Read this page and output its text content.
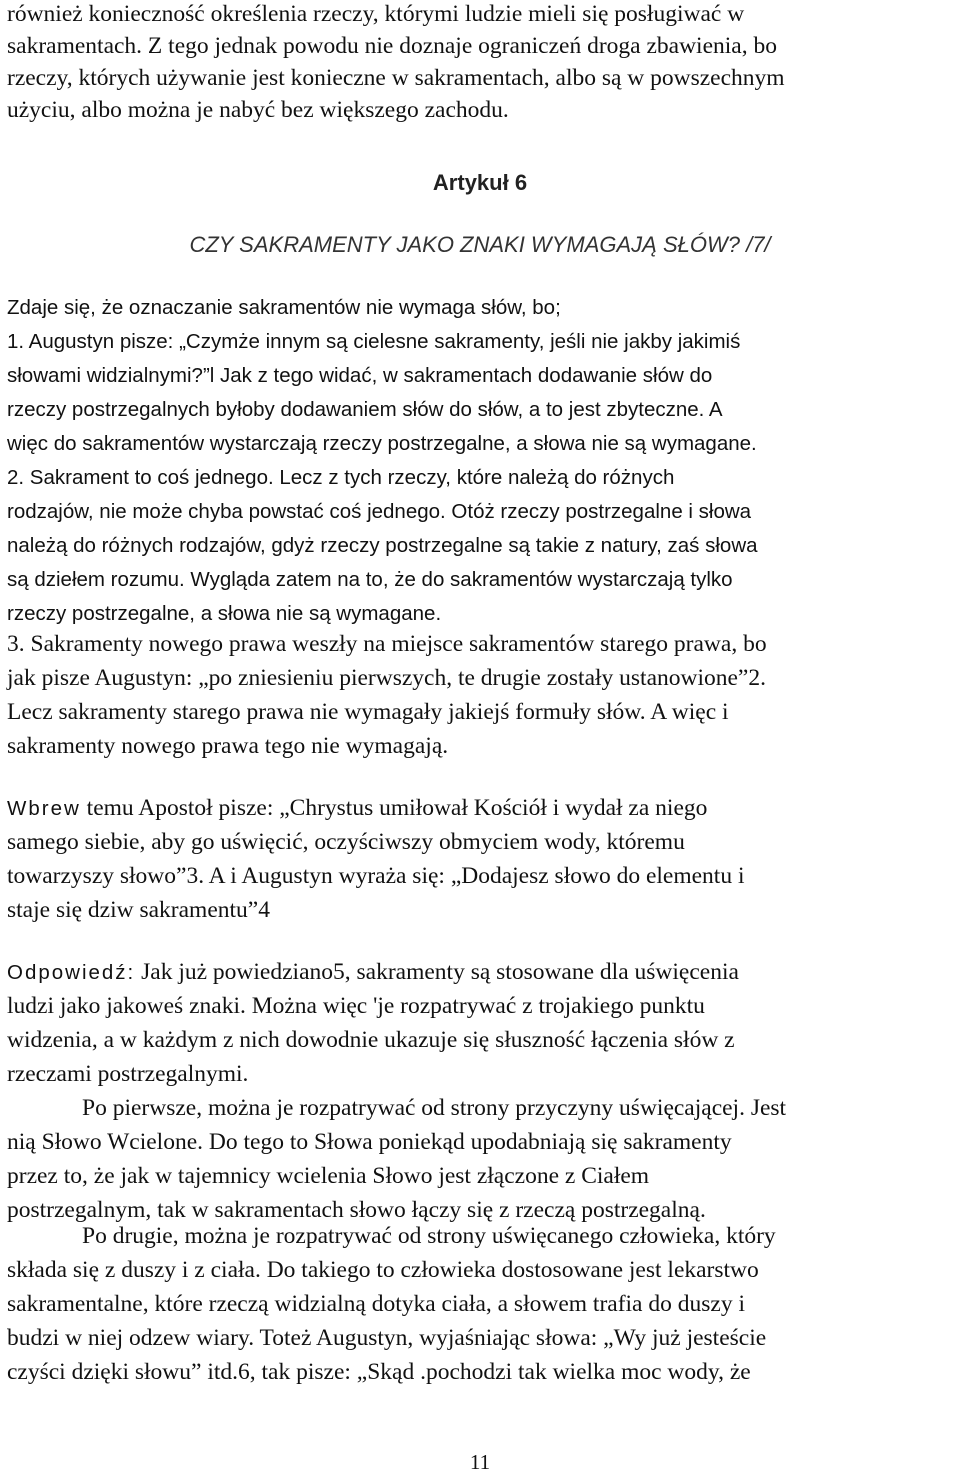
również konieczność określenia rzeczy, którymi ludzie mieli się posługiwać w
sakramentach. Z tego jednak powodu nie doznaje ograniczeń droga zbawienia, bo
rzeczy, których używanie jest konieczne w sakramentach, albo są w powszechnym
użyciu, albo można je nabyć bez większego zachodu.
Artykuł 6
CZY SAKRAMENTY JAKO ZNAKI WYMAGAJĄ SŁÓW? /7/
Zdaje się, że oznaczanie sakramentów nie wymaga słów, bo;
1. Augustyn pisze: „Czymże innym są cielesne sakramenty, jeśli nie jakby jakimiś
słowami widzialnymi?”l Jak z tego widać, w sakramentach dodawanie słów do
rzeczy postrzegalnych byłoby dodawaniem słów do słów, a to jest zbyteczne. A
więc do sakramentów wystarczają rzeczy postrzegalne, a słowa nie są wymagane.
2. Sakrament to coś jednego. Lecz z tych rzeczy, które należą do różnych
rodzajów, nie może chyba powstać coś jednego. Otóż rzeczy postrzegalne i słowa
należą do różnych rodzajów, gdyż rzeczy postrzegalne są takie z natury, zaś słowa
są dziełem rozumu. Wygląda zatem na to, że do sakramentów wystarczają tylko
rzeczy postrzegalne, a słowa nie są wymagane.
3. Sakramenty nowego prawa weszły na miejsce sakramentów starego prawa, bo
jak pisze Augustyn: „po zniesieniu pierwszych, te drugie zostały ustanowione”2.
Lecz sakramenty starego prawa nie wymagały jakiejś formuły słów. A więc i
sakramenty nowego prawa tego nie wymagają.
Wbrew temu Apostoł pisze: „Chrystus umiłował Kościół i wydał za niego
samego siebie, aby go uświęcić, oczyściwszy obmyciem wody, któremu
towarzyszy słowo”3. A i Augustyn wyraża się: „Dodajesz słowo do elementu i
staje się dziw sakramentu”4
Odpowiedź: Jak już powiedziano5, sakramenty są stosowane dla uświęcenia
ludzi jako jakoweś znaki. Można więc 'je rozpatrywać z trojakiego punktu
widzenia, a w każdym z nich dowodnie ukazuje się słuszność łączenia słów z
rzeczami postrzegalnymi.
Po pierwsze, można je rozpatrywać od strony przyczyny uświęcającej. Jest
nią Słowo Wcielone. Do tego to Słowa poniekąd upodabniają się sakramenty
przez to, że jak w tajemnicy wcielenia Słowo jest złączone z Ciałem
postrzegalnym, tak w sakramentach słowo łączy się z rzeczą postrzegalną.
Po drugie, można je rozpatrywać od strony uświęcanego człowieka, który
składa się z duszy i z ciała. Do takiego to człowieka dostosowane jest lekarstwo
sakramentalne, które rzeczą widzialną dotyka ciała, a słowem trafia do duszy i
budzi w niej odzew wiary. Toteż Augustyn, wyjaśniając słowa: „Wy już jesteście
czyści dzięki słowu” itd.6, tak pisze: „Skąd .pochodzi tak wielka moc wody, że
11
